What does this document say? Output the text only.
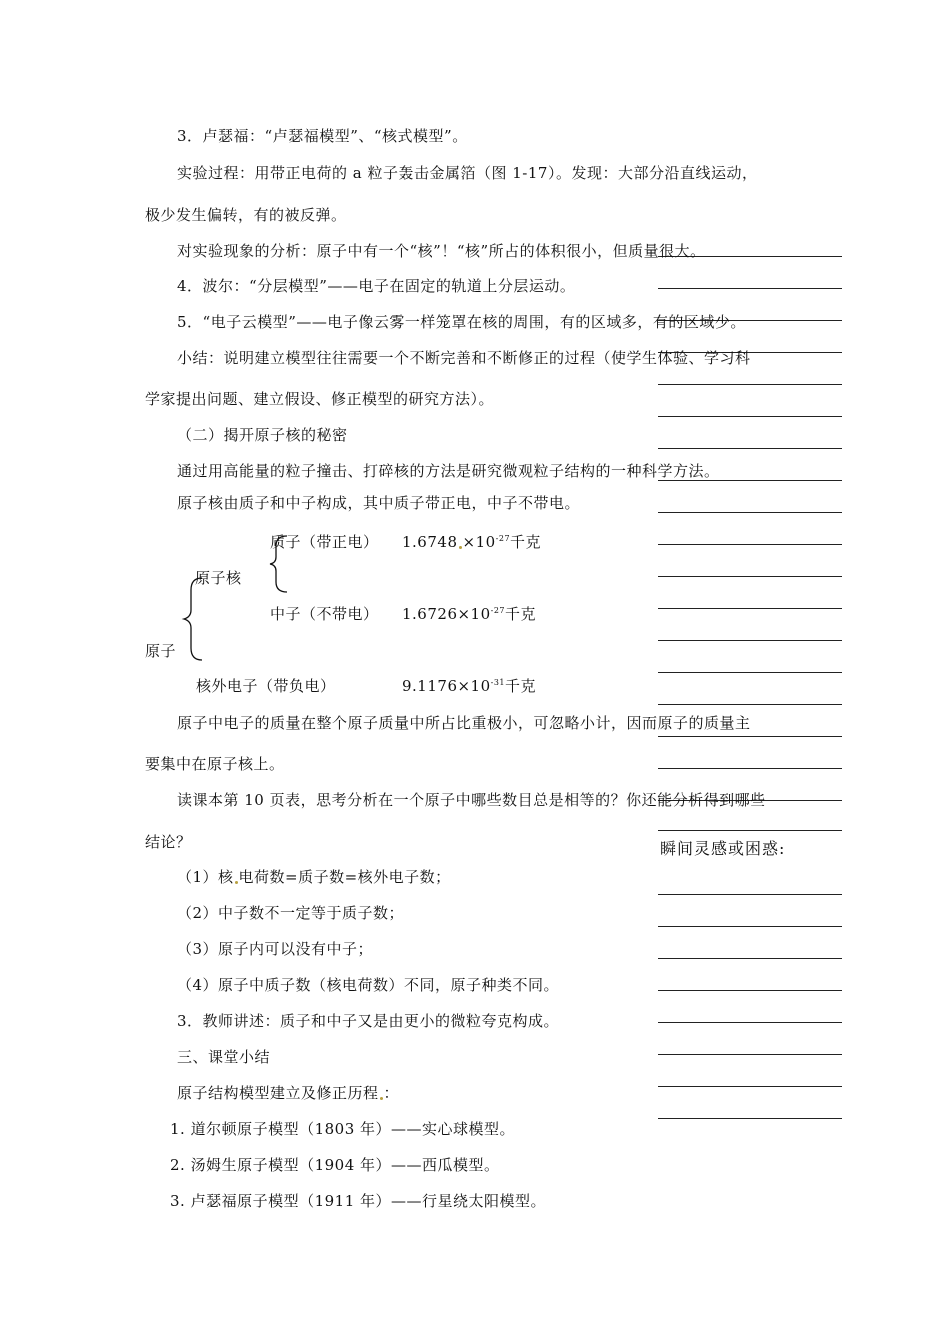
瞬间灵感或困惑:
3．卢瑟福：“卢瑟福模型”、“核式模型”。
实验过程：用带正电荷的 a 粒子轰击金属箔（图 1-17）。发现：大部分沿直线运动，
极少发生偏转，有的被反弹。
对实验现象的分析：原子中有一个“核”！“核”所占的体积很小，但质量很大。
4．波尔：“分层模型”——电子在固定的轨道上分层运动。
5．“电子云模型”——电子像云雾一样笼罩在核的周围，有的区域多，有的区域少。
小结：说明建立模型往往需要一个不断完善和不断修正的过程（使学生体验、学习科
学家提出问题、建立假设、修正模型的研究方法）。
（二）揭开原子核的秘密
通过用高能量的粒子撞击、打碎核的方法是研究微观粒子结构的一种科学方法。
原子核由质子和中子构成，其中质子带正电，中子不带电。
质子（带正电） $1.6748 \times 10^{-27}$千克
原子核
中子（不带电） $1.6726\times 10^{-27}$千克
原子
核外电子（带负电）	$9.1176\times 10^{-31}$千克
原子中电子的质量在整个原子质量中所占比重极小，可忽略小计，因而原子的质量主
要集中在原子核上。
读课本第 10 页表，思考分析在一个原子中哪些数目总是相等的？你还能分析得到哪些
结论？
（1）核 电荷数=质子数=核外电子数；
（2）中子数不一定等于质子数；
（3）原子内可以没有中子；
（4）原子中质子数（核电荷数）不同，原子种类不同。
3．教师讲述：质子和中子又是由更小的微粒夸克构成。
三、课堂小结
原子结构模型建立及修正历程 ：
1. 道尔顿原子模型（1803 年）——实心球模型。
2. 汤姆生原子模型（1904 年）——西瓜模型。
3. 卢瑟福原子模型（1911 年）——行星绕太阳模型。
